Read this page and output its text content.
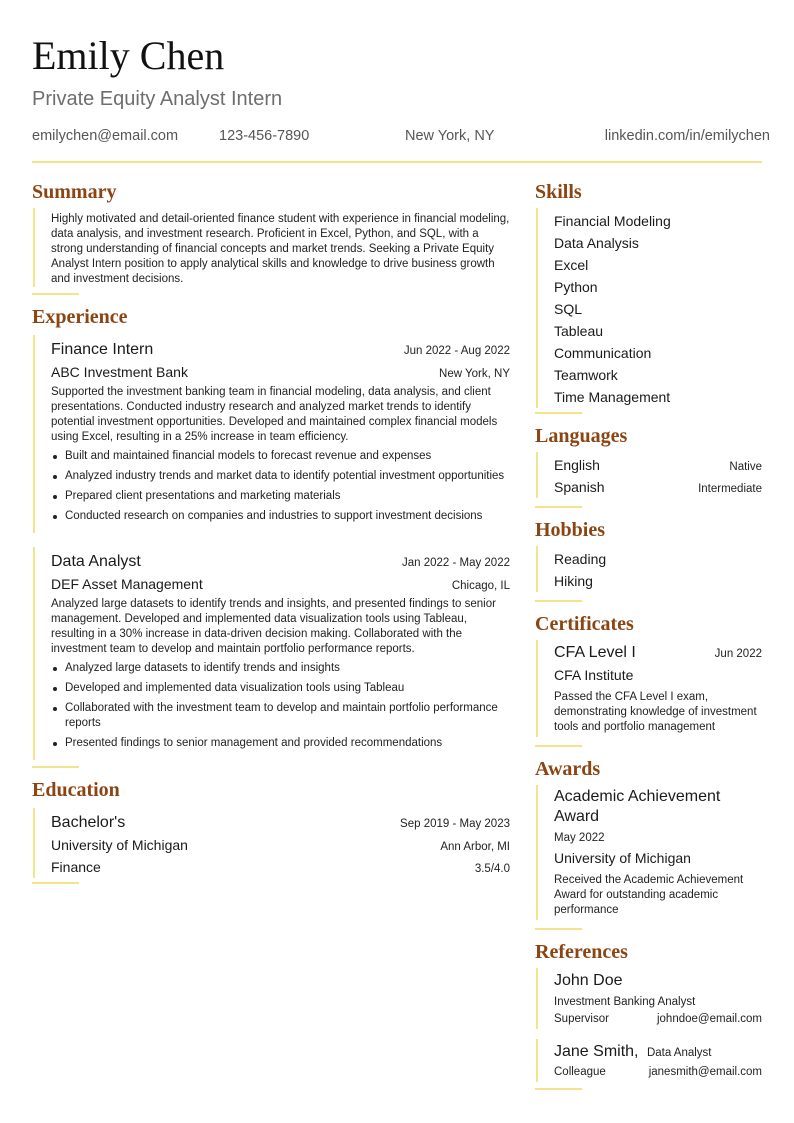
Emily Chen
Private Equity Analyst Intern
emilychen@email.com	123-456-7890	New York, NY	linkedin.com/in/emilychen
Summary

Highly motivated and detail-oriented finance student with experience in financial modeling, data analysis, and investment research. Proficient in Excel, Python, and SQL, with a strong understanding of financial concepts and market trends. Seeking a Private Equity Analyst Intern position to apply analytical skills and knowledge to drive business growth and investment decisions.

Experience
Finance Intern	Jun 2022 - Aug 2022
ABC Investment Bank	New York, NY

Supported the investment banking team in financial modeling, data analysis, and client presentations. Conducted industry research and analyzed market trends to identify potential investment opportunities. Developed and maintained complex financial models using Excel, resulting in a 25% increase in team efficiency.

Built and maintained financial models to forecast revenue and expenses
Analyzed industry trends and market data to identify potential investment opportunities
Prepared client presentations and marketing materials
Conducted research on companies and industries to support investment decisions
Data Analyst	Jan 2022 - May 2022
DEF Asset Management	Chicago, IL

Analyzed large datasets to identify trends and insights, and presented findings to senior management. Developed and implemented data visualization tools using Tableau, resulting in a 30% increase in data-driven decision making. Collaborated with the investment team to develop and maintain portfolio performance reports.

Analyzed large datasets to identify trends and insights
Developed and implemented data visualization tools using Tableau
Collaborated with the investment team to develop and maintain portfolio performance reports
Presented findings to senior management and provided recommendations
Education
Bachelor's	Sep 2019 - May 2023
University of Michigan	Ann Arbor, MI
Finance	3.5/4.0
Skills
Financial Modeling
Data Analysis
Excel
Python
SQL
Tableau
Communication
Teamwork
Time Management
Languages
English	Native
Spanish	Intermediate
Hobbies
Reading
Hiking
Certificates
CFA Level I	Jun 2022
CFA Institute

Passed the CFA Level I exam, demonstrating knowledge of investment tools and portfolio management

Awards
Academic Achievement Award
May 2022
University of Michigan

Received the Academic Achievement Award for outstanding academic performance

References
John Doe
Investment Banking Analyst
Supervisor	johndoe@email.com
Jane Smith, Data Analyst
Colleague	janesmith@email.com
